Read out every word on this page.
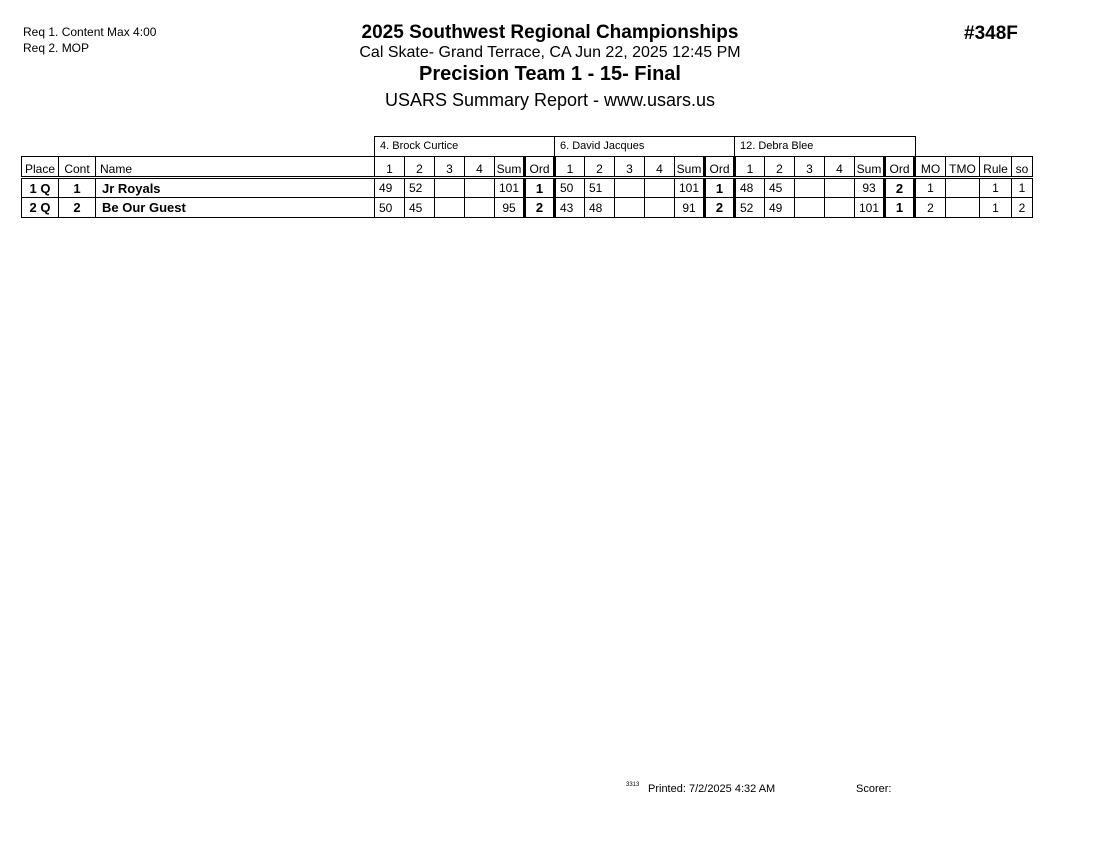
Req 1. Content Max 4:00
Req 2. MOP
2025 Southwest Regional Championships
Cal Skate- Grand Terrace, CA Jun 22, 2025 12:45 PM
Precision Team 1 - 15- Final
USARS Summary Report - www.usars.us
#348F
4. Brock Curtice	6. David Jacques	12. Debra Blee
Place	Cont	Name	1	2	3	4	Sum	Ord	1	2	3	4	Sum	Ord	1	2	3	4	Sum	Ord	MO	TMO	Rule	so
1 Q	1	Jr Royals	49	52			101	1	50	51			101	1	48	45			93	2	1		1	1
2 Q	2	Be Our Guest	50	45			95	2	43	48			91	2	52	49			101	1	2		1	2
3313 Printed: 7/2/2025 4:32 AM	Scorer:
